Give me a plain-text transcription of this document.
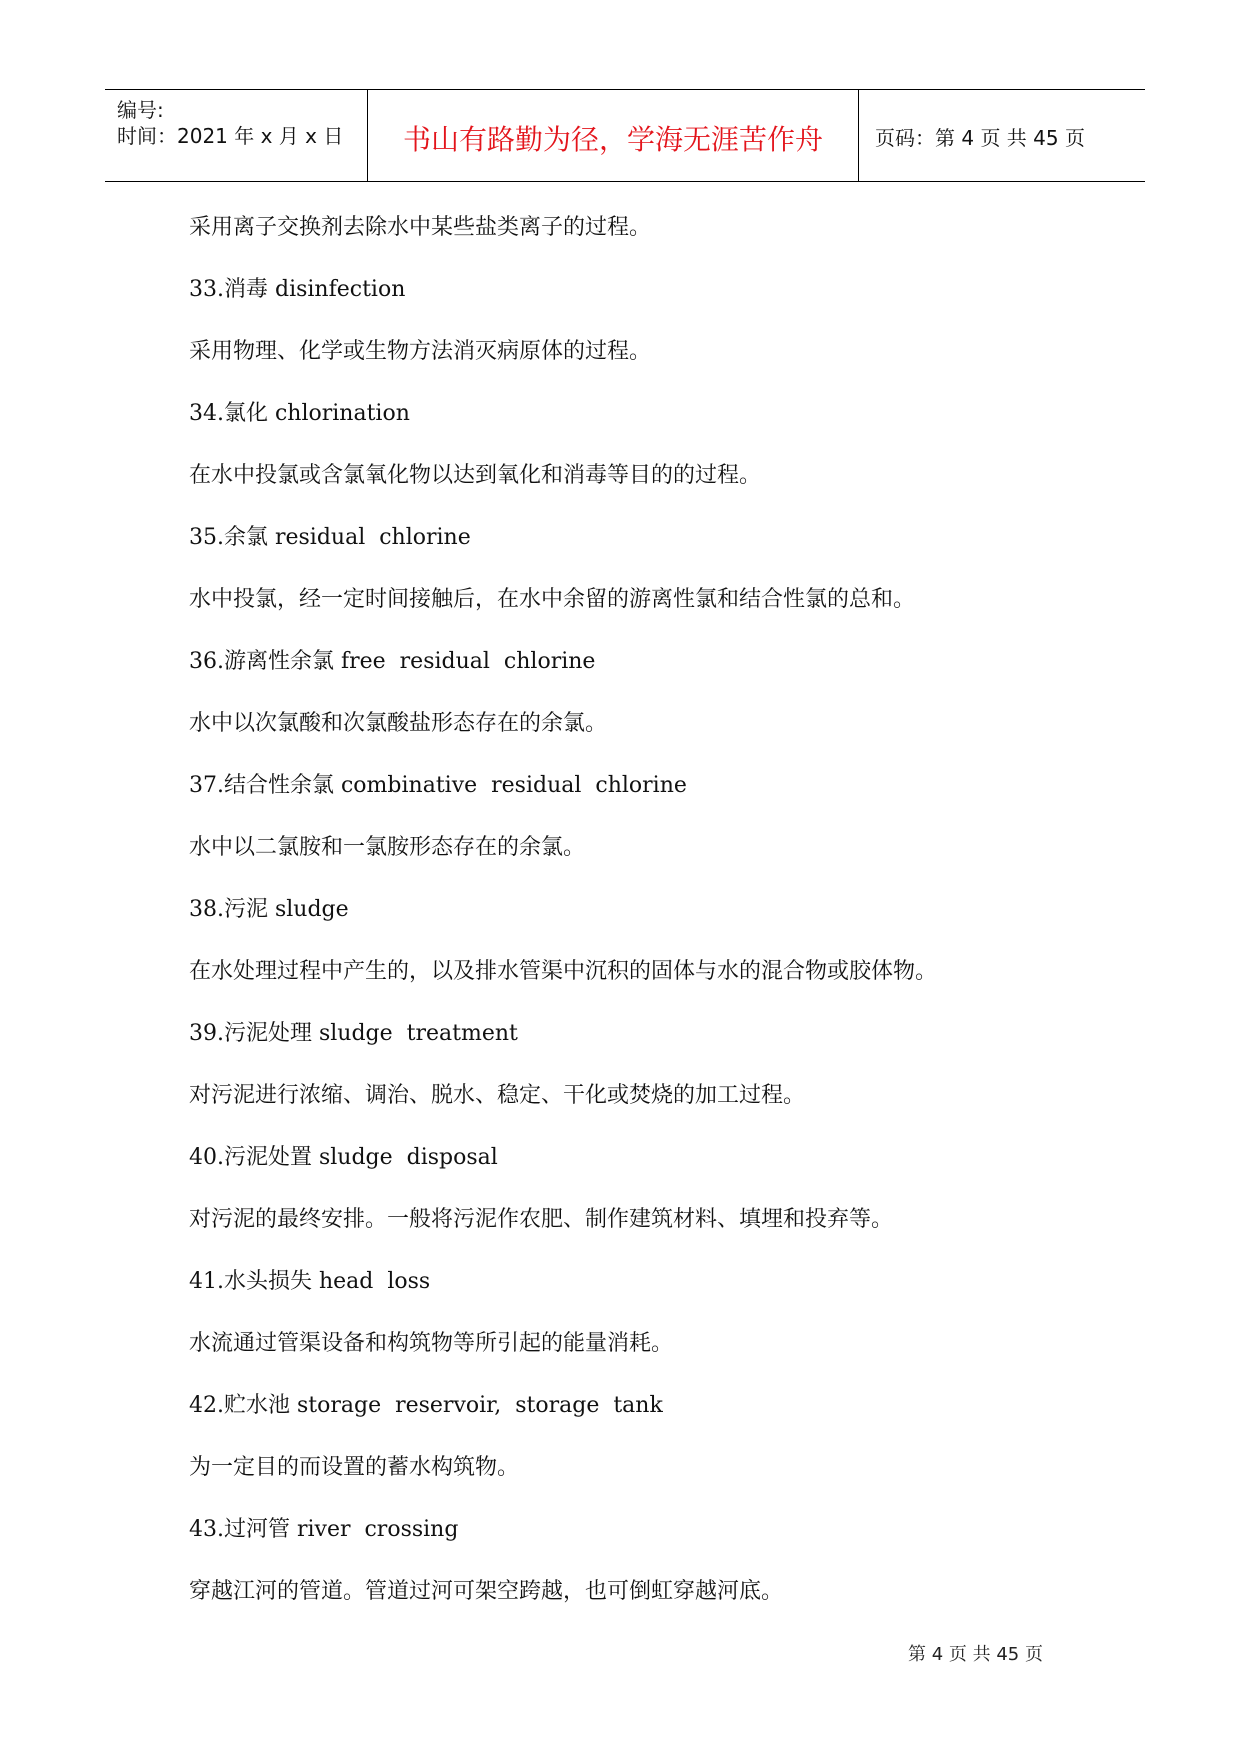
编号:
时间：2021 年 x 月 x 日	书山有路勤为径，学海无涯苦作舟	页码：第 4 页 共 45 页
采用离子交换剂去除水中某些盐类离子的过程。
33.消毒 disinfection
采用物理、化学或生物方法消灭病原体的过程。
34.氯化 chlorination
在水中投氯或含氯氧化物以达到氧化和消毒等目的的过程。
35.余氯 residual  chlorine
水中投氯，经一定时间接触后，在水中余留的游离性氯和结合性氯的总和。
36.游离性余氯 free  residual  chlorine
水中以次氯酸和次氯酸盐形态存在的余氯。
37.结合性余氯 combinative  residual  chlorine
水中以二氯胺和一氯胺形态存在的余氯。
38.污泥 sludge
在水处理过程中产生的，以及排水管渠中沉积的固体与水的混合物或胶体物。
39.污泥处理 sludge  treatment
对污泥进行浓缩、调治、脱水、稳定、干化或焚烧的加工过程。
40.污泥处置 sludge  disposal
对污泥的最终安排。一般将污泥作农肥、制作建筑材料、填埋和投弃等。
41.水头损失 head  loss
水流通过管渠设备和构筑物等所引起的能量消耗。
42.贮水池 storage  reservoir,  storage  tank
为一定目的而设置的蓄水构筑物。
43.过河管 river  crossing
穿越江河的管道。管道过河可架空跨越，也可倒虹穿越河底。
第 4 页 共 45 页
